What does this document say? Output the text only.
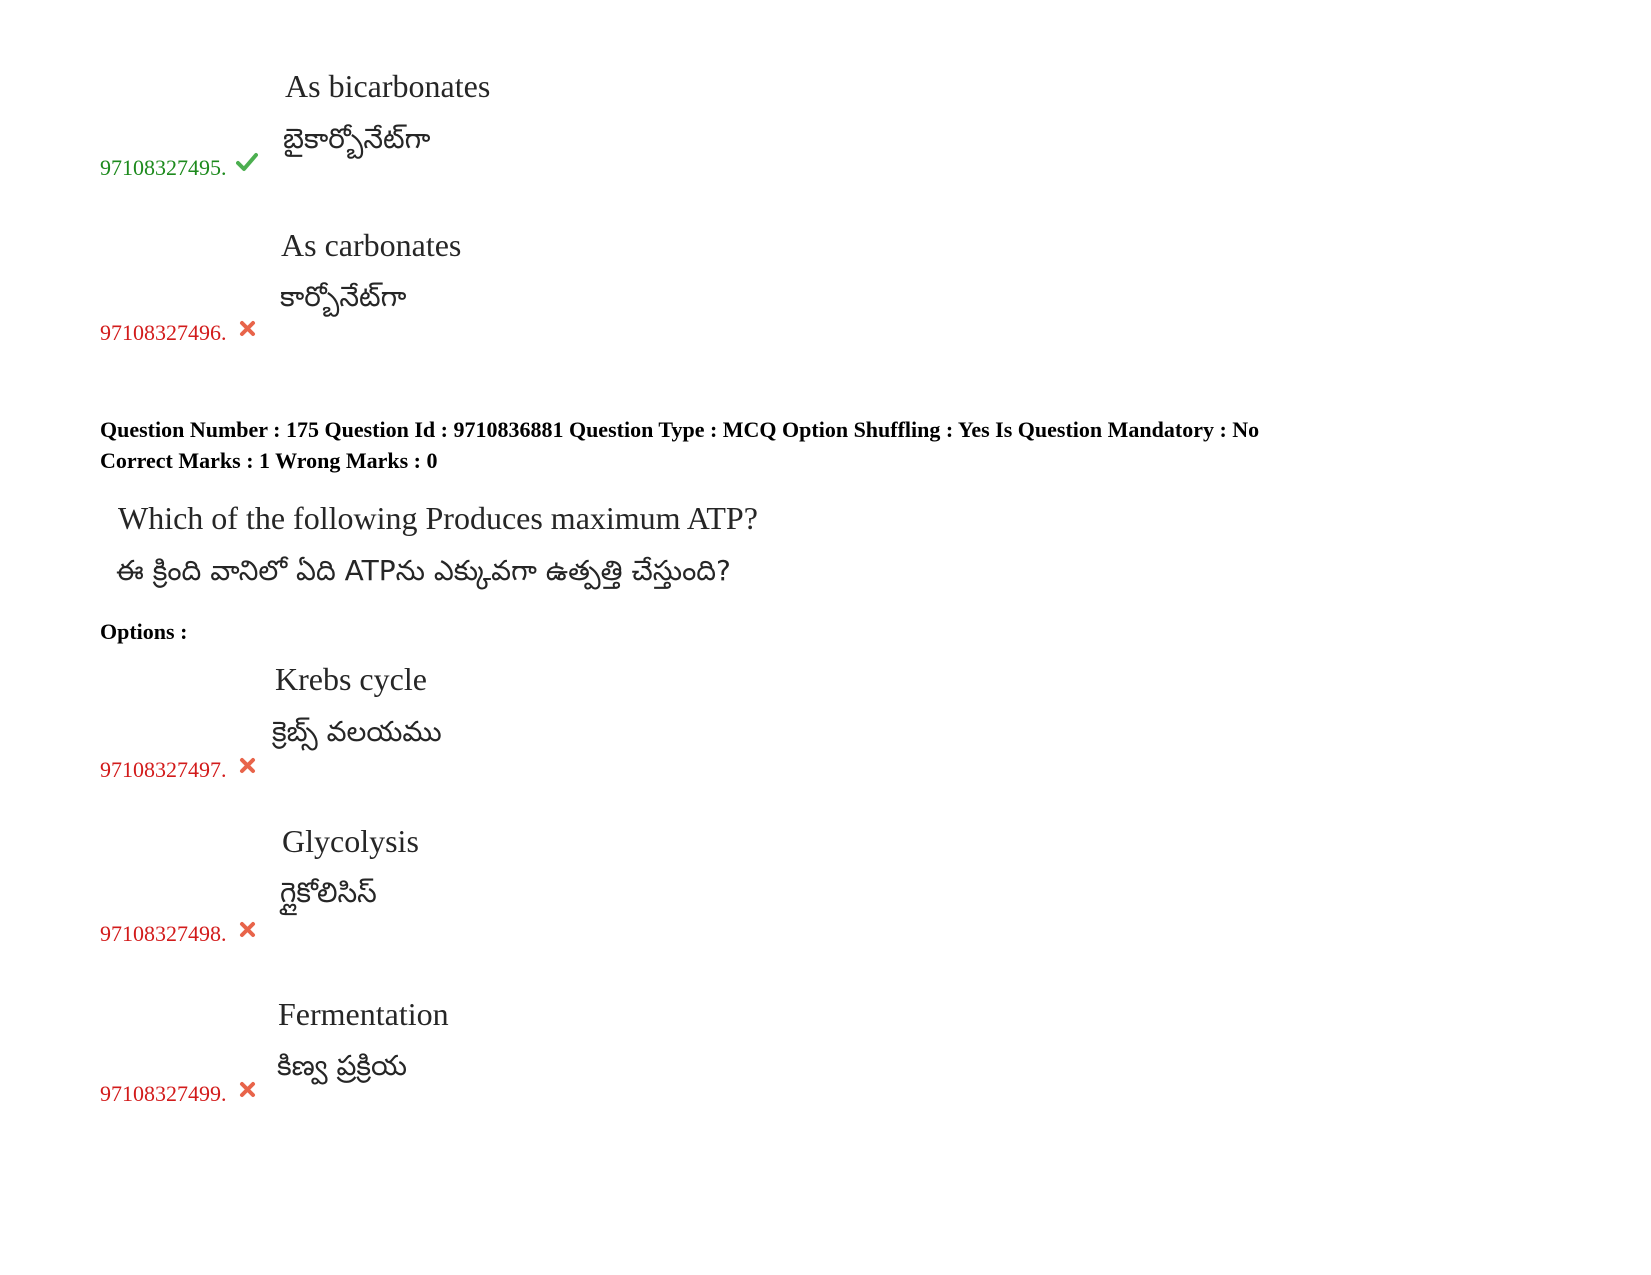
As bicarbonates
బైకార్బోనేట్‌గా
97108327495.
As carbonates
కార్బోనేట్‌గా
97108327496.
Question Number : 175 Question Id : 9710836881 Question Type : MCQ Option Shuffling : Yes Is Question Mandatory : No
Correct Marks : 1 Wrong Marks : 0
Which of the following Produces maximum ATP?
ఈ క్రింది వానిలో ఏది ATPను ఎక్కువగా ఉత్పత్తి చేస్తుంది?
Options :
Krebs cycle
క్రెబ్స్ వలయము
97108327497.
Glycolysis
గ్లైకోలిసిస్
97108327498.
Fermentation
కిణ్వ ప్రక్రియ
97108327499.
